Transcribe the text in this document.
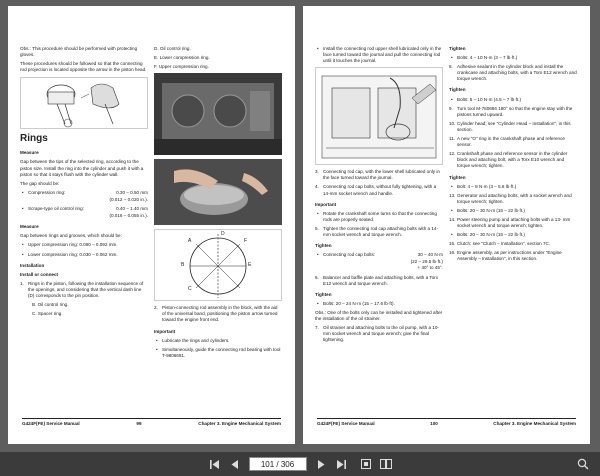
Obs.: This procedure should be performed with protecting gloves.

These procedures should be followed so that the connecting rod projection is located opposite the arrow in the piston head.

Rings
Measure

Gap between the tips of the selected ring, according to the piston size. Install the ring into the cylinder and push it with a piston so that it stays flush with the cylinder wall.

The gap should be:

• Compression ring:	0.30 – 0.50 mm
(0.012 – 0.020 in.).
• Scrape-type oil control ring:	0.40 – 1.40 mm
(0.016 – 0.055 in.).
Measure

Gap between rings and grooves, which should be:

• Upper compression ring: 0.060 – 0.092 mm.
• Lower compression ring: 0.030 – 0.062 mm.
Installation
Install or connect
1. Rings in the piston, following the installation sequence of the openings, and considering that the vertical dash line (D) corresponds to the pin position.
B. Oil control ring.
C. Spacer ring.

D. Oil control ring.

E. Lower compression ring.

F. Upper compression ring.

A
B
C
D
E
F
2. Piston-connecting rod assembly in the block, with the aid of the universal band, positioning the piston arrow turned toward the engine front end.
Important
• Lubricate the rings and cylinders.
• Simultaneously, guide the connecting rod bearing with tool T-9806681.
G424F(FE) Service Manual	99	Chapter 3. Engine Mechanical System
• Install the connecting rod upper shell lubricated only in the face turned toward the journal and pull the connecting rod until it touches the journal.
3. Connecting rod cap, with the lower shell lubricated only in the face turned toward the journal.
4. Connecting rod cap bolts, without fully tightening, with a 14-mm socket wrench and handle.
Important
• Rotate the crankshaft some turns so that the connecting rods are properly seated.
5. Tighten the connecting rod cap attaching bolts with a 14-mm socket wrench and torque wrench.
Tighten
• Connecting rod cap bolts:	30 – 40 N·m
(22 – 29.5 lb·ft.)
+ 40° to 45°.
6. Balancer and baffle plate and attaching bolts, with a Torx E12 wrench and torque wrench.
Tighten
• Bolts: 20 – 24 N·m (15 – 17.6 lb·ft).

Obs.: One of the bolts only can be installed and tightened after the installation of the oil strainer.

7. Oil strainer and attaching bolts to the oil pump, with a 10-mm socket wrench and torque wrench; give the final tightening.
Tighten
• Bolts: 4 – 10 N·m (3 – 7 lb·ft.)
8. Adhesive sealant in the cylinder block and install the crankcase and attaching bolts, with a Torx E12 wrench and torque wrench.
Tighten
• Bolts: 5 – 10 N·m (4.5 – 7 lb·ft.)
9. Turn tool M-780666 180° so that the engine stay with the pistons turned upward.
10. Cylinder head; see "Cylinder Head – Installation", in this section.
11. A new "O" ring in the crankshaft phase and reference sensor.
12. Crankshaft phase and reference sensor in the cylinder block and attaching bolt, with a Torx E10 wrench and torque wrench; tighten.
Tighten
• Bolt: 4 – 8 N·m (3 – 5.8 lb·ft.)
13. Generator and attaching bolts, with a socket wrench and torque wrench; tighten.
• Bolts: 20 – 30 N·m (15 – 22 lb·ft.)
14. Power steering pump and attaching bolts with a 13- mm socket wrench and torque wrench; tighten.
• Bolts: 20 – 30 N·m (15 – 22 lb·ft.)
15. Clutch; see "Clutch – Installation", section 7C.
16. Engine assembly, as per instructions under "Engine Assembly – Installation", in this section.
G424F(FE) Service Manual	100	Chapter 3. Engine Mechanical System
101 / 306
